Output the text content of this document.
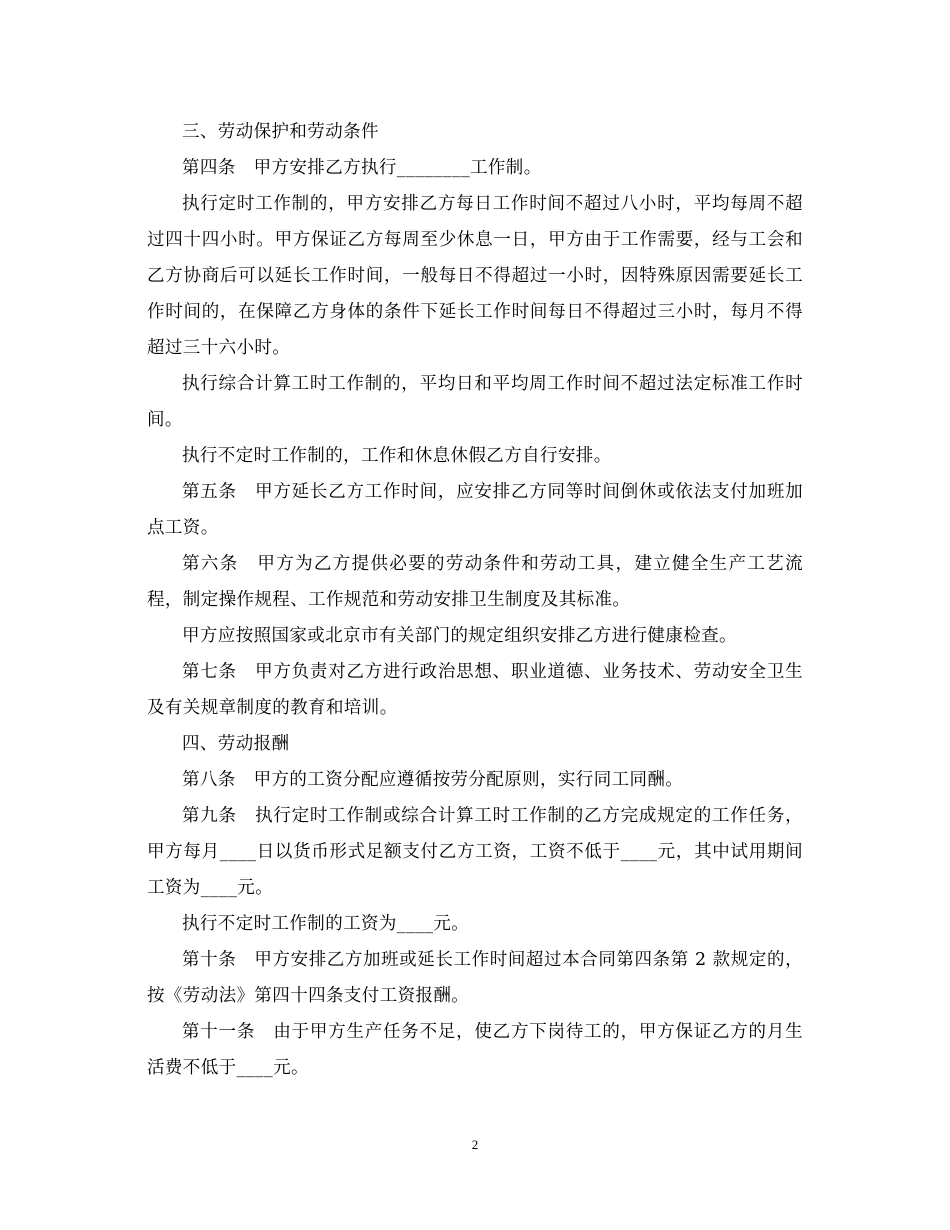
三、劳动保护和劳动条件

第四条　甲方安排乙方执行________工作制。

执行定时工作制的，甲方安排乙方每日工作时间不超过八小时，平均每周不超过四十四小时。甲方保证乙方每周至少休息一日，甲方由于工作需要，经与工会和乙方协商后可以延长工作时间，一般每日不得超过一小时，因特殊原因需要延长工作时间的，在保障乙方身体的条件下延长工作时间每日不得超过三小时，每月不得超过三十六小时。

执行综合计算工时工作制的，平均日和平均周工作时间不超过法定标准工作时间。

执行不定时工作制的，工作和休息休假乙方自行安排。

第五条　甲方延长乙方工作时间，应安排乙方同等时间倒休或依法支付加班加点工资。

第六条　甲方为乙方提供必要的劳动条件和劳动工具，建立健全生产工艺流程，制定操作规程、工作规范和劳动安排卫生制度及其标准。

甲方应按照国家或北京市有关部门的规定组织安排乙方进行健康检查。

第七条　甲方负责对乙方进行政治思想、职业道德、业务技术、劳动安全卫生及有关规章制度的教育和培训。

四、劳动报酬

第八条　甲方的工资分配应遵循按劳分配原则，实行同工同酬。

第九条　执行定时工作制或综合计算工时工作制的乙方完成规定的工作任务，甲方每月____日以货币形式足额支付乙方工资，工资不低于____元，其中试用期间工资为____元。

执行不定时工作制的工资为____元。

第十条　甲方安排乙方加班或延长工作时间超过本合同第四条第 2 款规定的，按《劳动法》第四十四条支付工资报酬。

第十一条　由于甲方生产任务不足，使乙方下岗待工的，甲方保证乙方的月生活费不低于____元。

2
